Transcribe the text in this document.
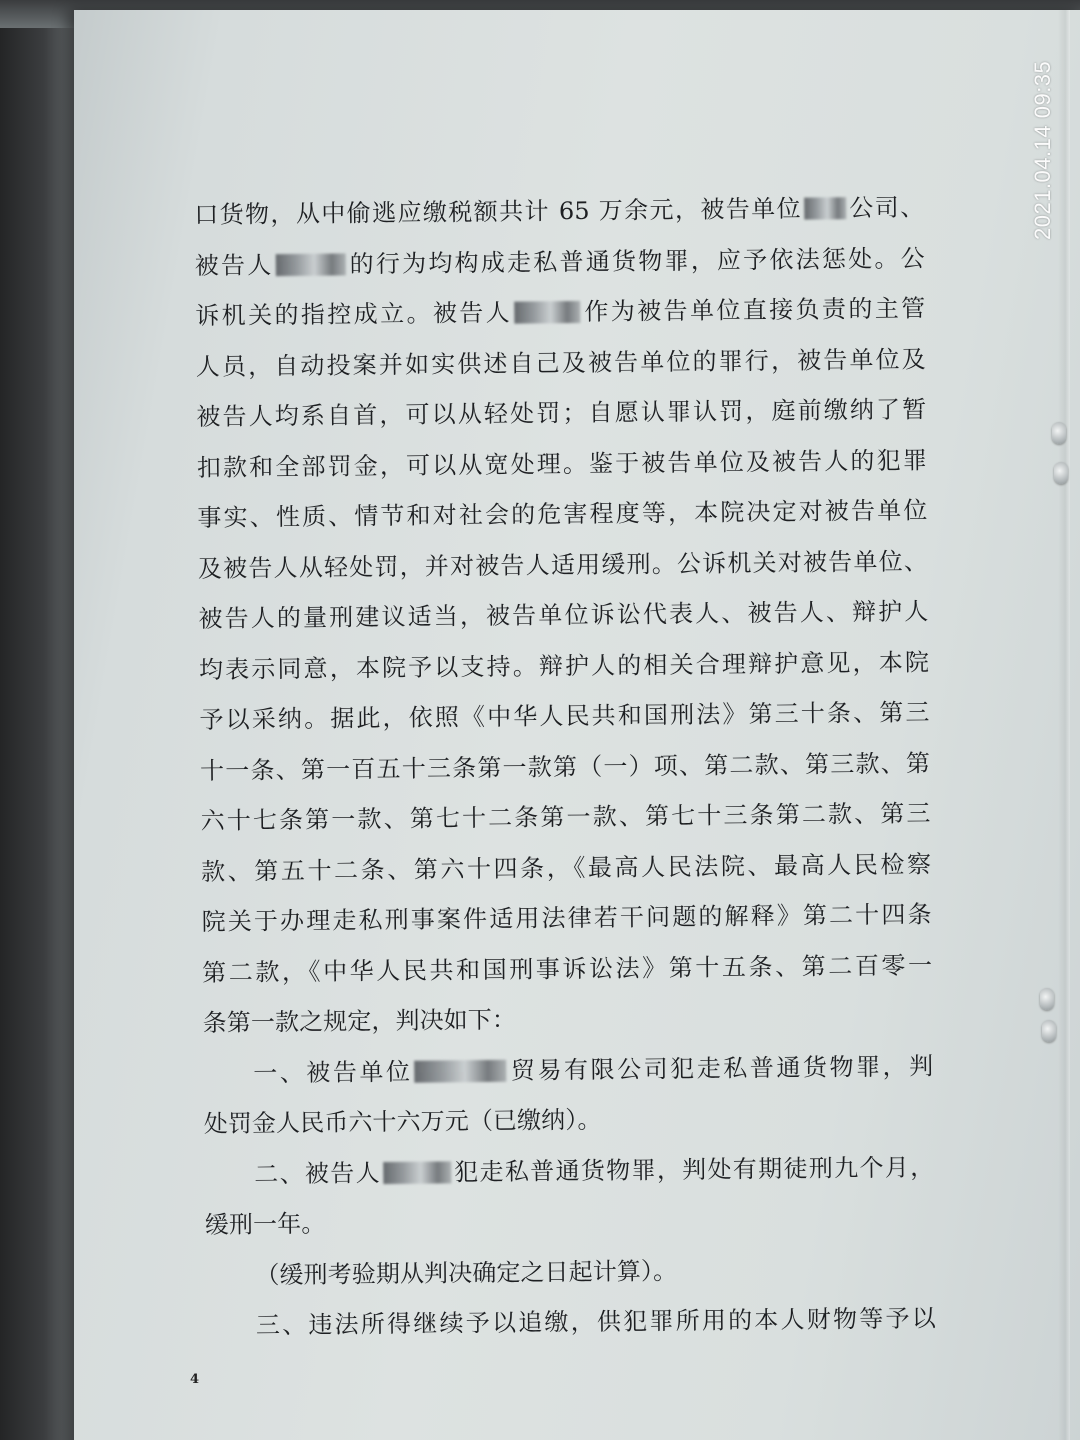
2021.04.14 09:35
口货物，从中偷逃应缴税额共计 65 万余元，被告单位 公司、
被告人	的行为均构成走私普通货物罪，应予依法惩处。公
诉机关的指控成立。被告人	作为被告单位直接负责的主管
人员，自动投案并如实供述自己及被告单位的罪行，被告单位及
被告人均系自首，可以从轻处罚；自愿认罪认罚，庭前缴纳了暂
扣款和全部罚金，可以从宽处理。鉴于被告单位及被告人的犯罪
事实、性质、情节和对社会的危害程度等，本院决定对被告单位
及被告人从轻处罚，并对被告人适用缓刑。公诉机关对被告单位、
被告人的量刑建议适当，被告单位诉讼代表人、被告人、辩护人
均表示同意，本院予以支持。辩护人的相关合理辩护意见，本院
予以采纳。据此，依照《中华人民共和国刑法》第三十条、第三
十一条、第一百五十三条第一款第（一）项、第二款、第三款、第
六十七条第一款、第七十二条第一款、第七十三条第二款、第三
款、第五十二条、第六十四条，《最高人民法院、最高人民检察
院关于办理走私刑事案件适用法律若干问题的解释》第二十四条
第二款，《中华人民共和国刑事诉讼法》第十五条、第二百零一
条第一款之规定，判决如下：
一、被告单位	贸易有限公司犯走私普通货物罪，判
处罚金人民币六十六万元（已缴纳）。
二、被告人	犯走私普通货物罪，判处有期徒刑九个月，
缓刑一年。
（缓刑考验期从判决确定之日起计算）。
三、违法所得继续予以追缴，供犯罪所用的本人财物等予以
4
